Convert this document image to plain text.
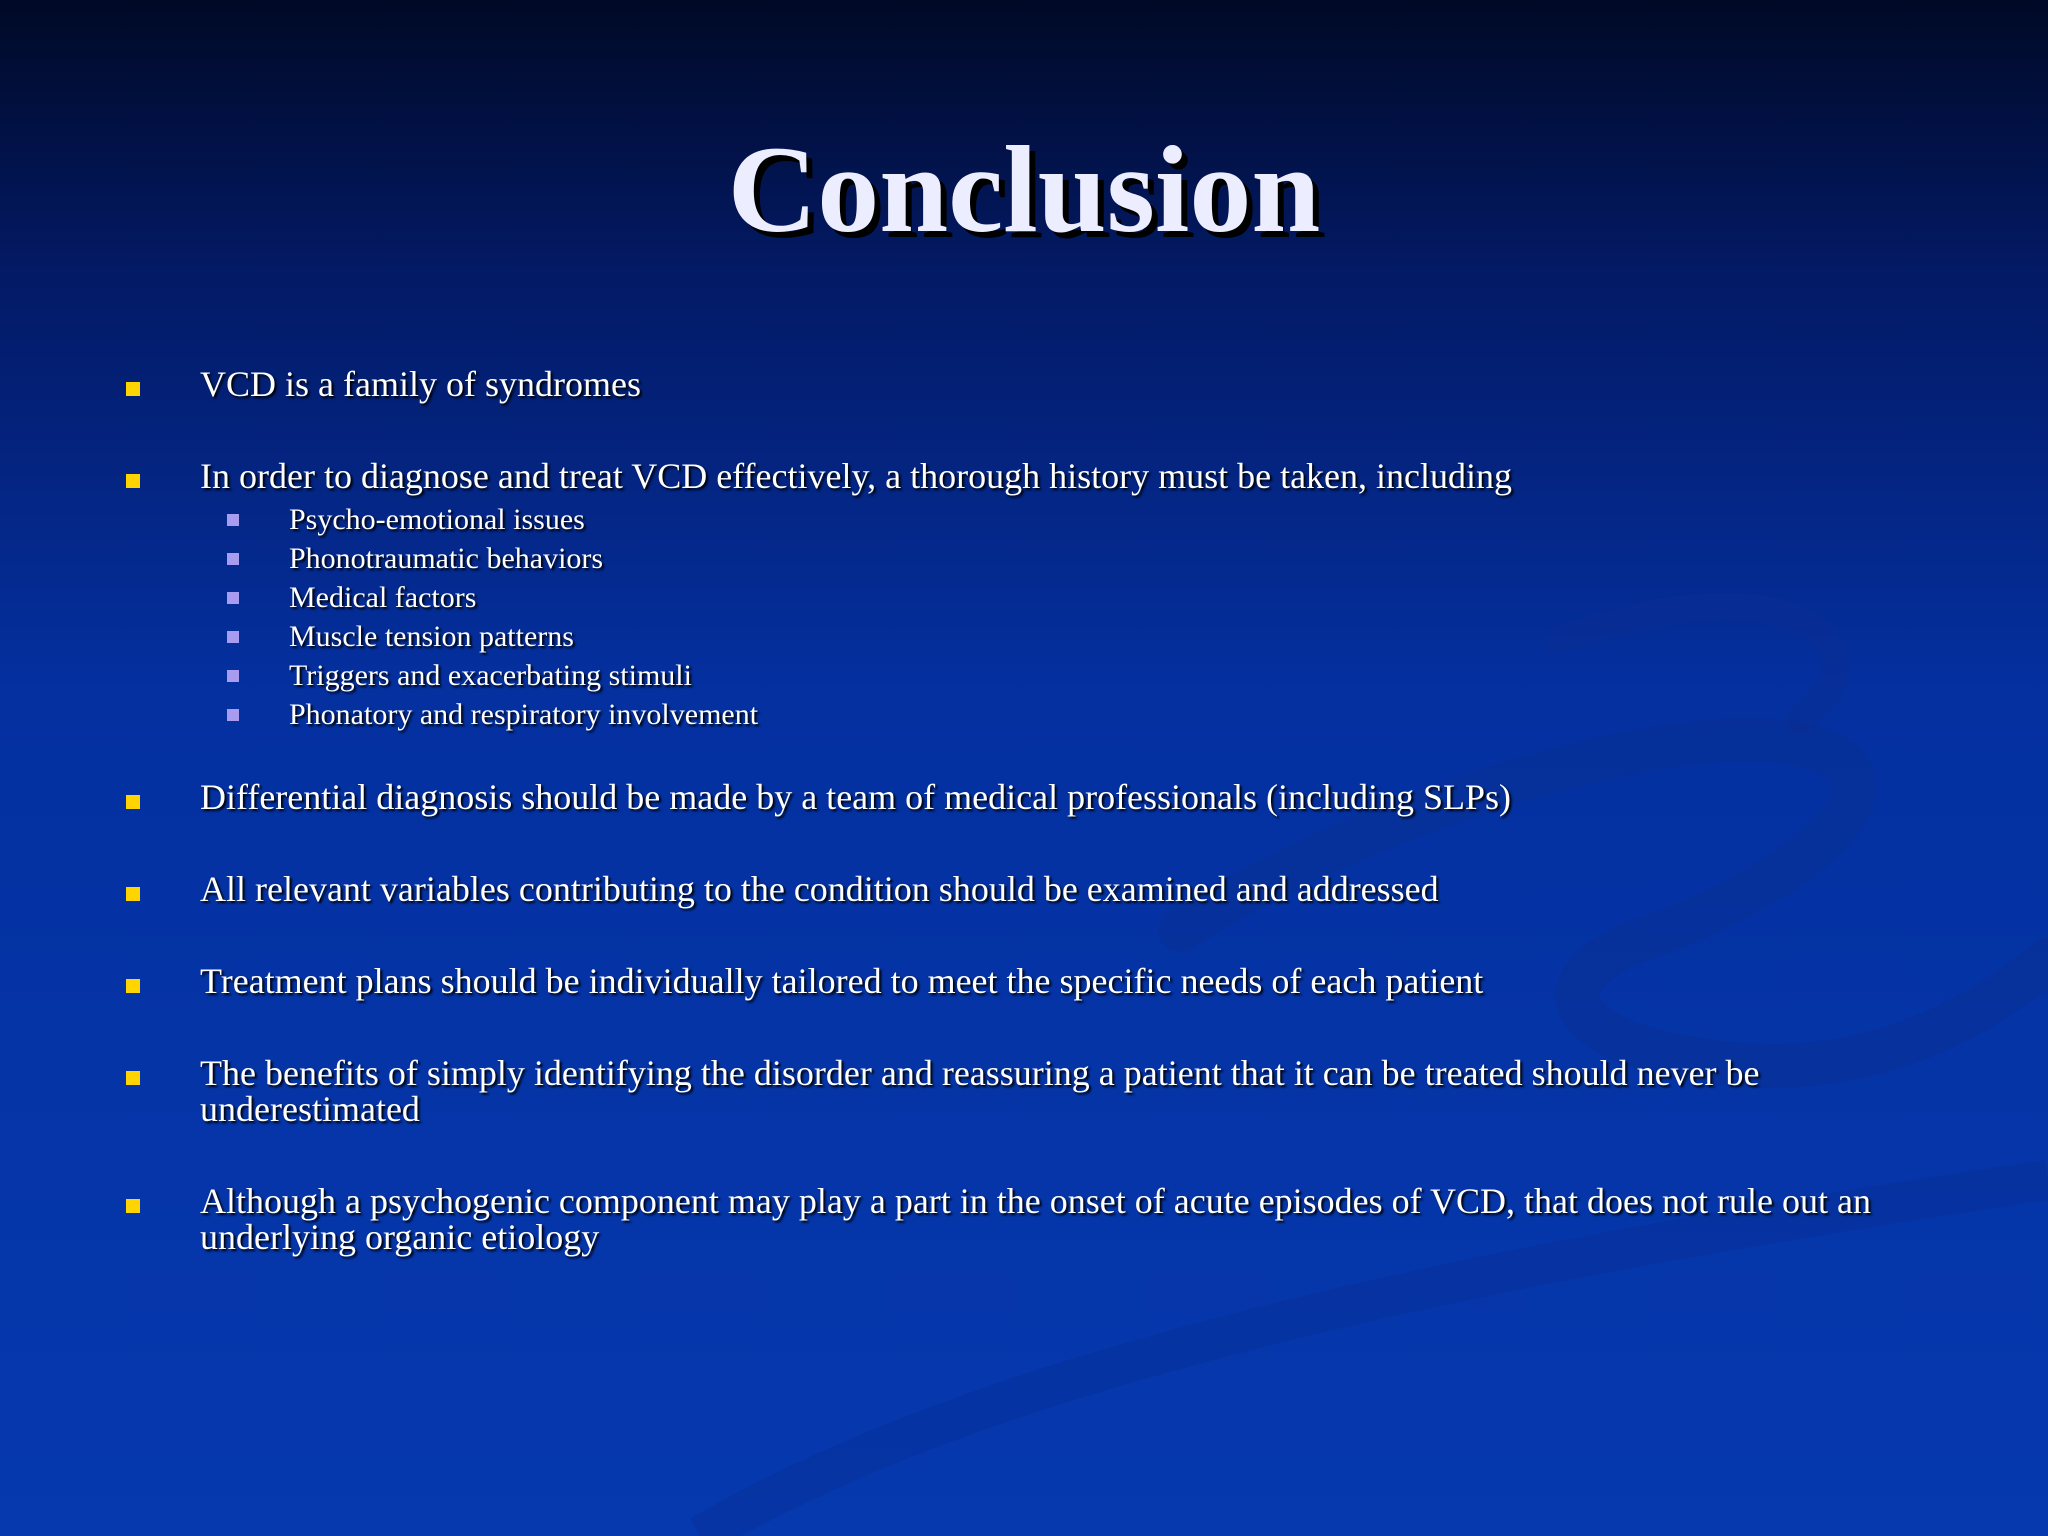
Conclusion
VCD is a family of syndromes
In order to diagnose and treat VCD effectively, a thorough history must be taken, including
Psycho-emotional issues
Phonotraumatic behaviors
Medical factors
Muscle tension patterns
Triggers and exacerbating stimuli
Phonatory and respiratory involvement
Differential diagnosis should be made by a team of medical professionals (including SLPs)
All relevant variables contributing to the condition should be examined and addressed
Treatment plans should be individually tailored to meet the specific needs of each patient
The benefits of simply identifying the disorder and reassuring a patient that it can be treated should never be underestimated
Although a psychogenic component may play a part in the onset of acute episodes of VCD, that does not rule out an underlying organic etiology
